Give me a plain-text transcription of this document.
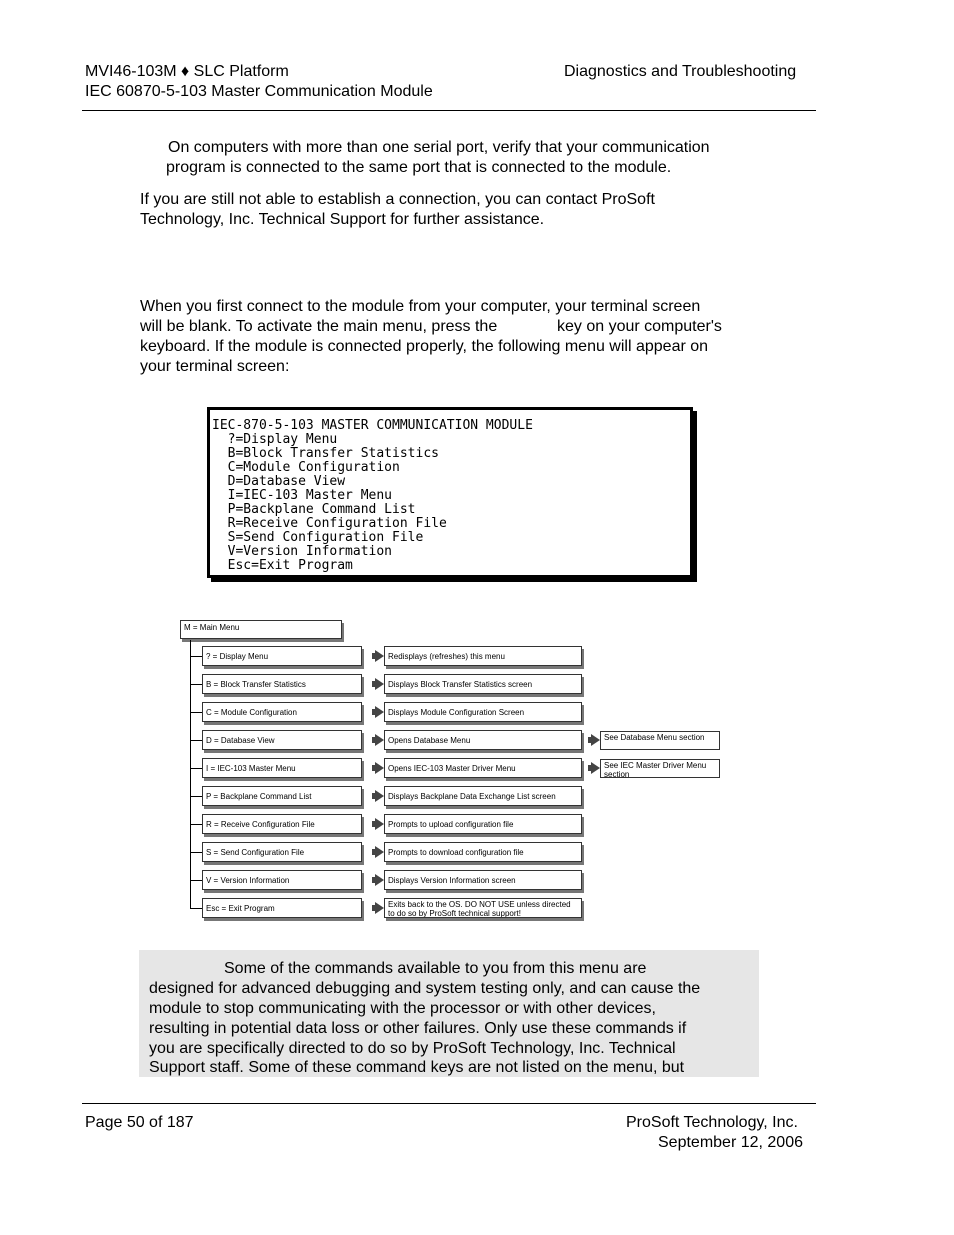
MVI46-103M ♦ SLC Platform
IEC 60870-5-103 Master Communication Module
Diagnostics and Troubleshooting
On computers with more than one serial port, verify that your communication
program is connected to the same port that is connected to the module.
If you are still not able to establish a connection, you can contact ProSoft
Technology, Inc. Technical Support for further assistance.
When you first connect to the module from your computer, your terminal screen
will be blank. To activate the main menu, press the	key on your computer's
keyboard. If the module is connected properly, the following menu will appear on
your terminal screen:
IEC-870-5-103 MASTER COMMUNICATION MODULE
?=Display Menu
B=Block Transfer Statistics
C=Module Configuration
D=Database View
I=IEC-103 Master Menu
P=Backplane Command List
R=Receive Configuration File
S=Send Configuration File
V=Version Information
Esc=Exit Program
M = Main Menu
? = Display Menu	Redisplays (refreshes) this menu
B = Block Transfer Statistics	Displays Block Transfer Statistics screen
C = Module Configuration	Displays Module Configuration Screen
D = Database View	Opens Database Menu	See Database Menu section
I = IEC-103 Master Menu	Opens IEC-103 Master Driver Menu	See IEC Master Driver Menu section
P = Backplane Command List	Displays Backplane Data Exchange List screen
R = Receive Configuration File	Prompts to upload configuration file
S = Send Configuration File	Prompts to download configuration file
V = Version Information	Displays Version Information screen
Esc = Exit Program	Exits back to the OS. DO NOT USE unless directed to do so by ProSoft technical support!
Some of the commands available to you from this menu are
designed for advanced debugging and system testing only, and can cause the
module to stop communicating with the processor or with other devices,
resulting in potential data loss or other failures. Only use these commands if
you are specifically directed to do so by ProSoft Technology, Inc. Technical
Support staff. Some of these command keys are not listed on the menu, but
Page 50 of 187	ProSoft Technology, Inc.
September 12, 2006
